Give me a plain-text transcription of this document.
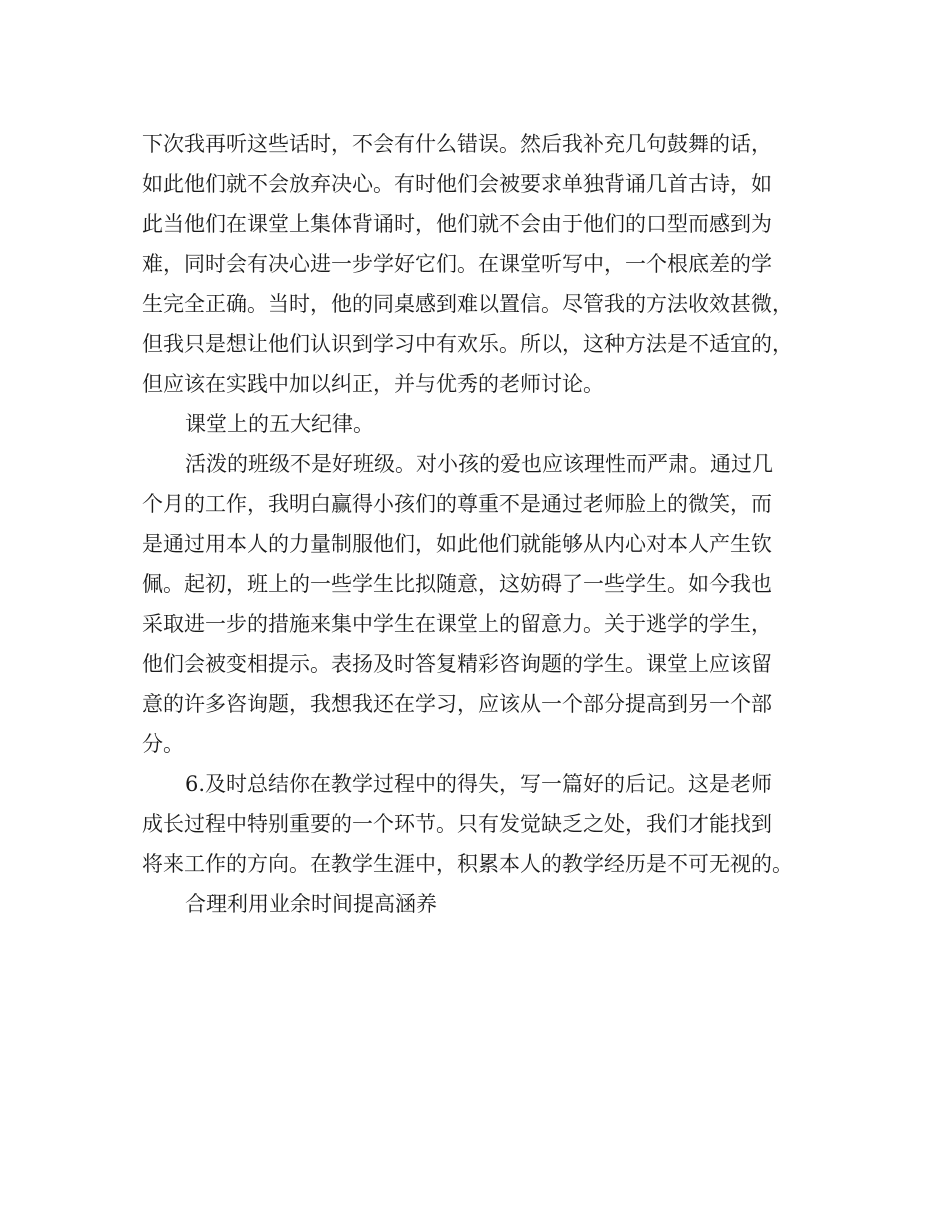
下次我再听这些话时，不会有什么错误。然后我补充几句鼓舞的话，
如此他们就不会放弃决心。有时他们会被要求单独背诵几首古诗，如
此当他们在课堂上集体背诵时，他们就不会由于他们的口型而感到为
难，同时会有决心进一步学好它们。在课堂听写中，一个根底差的学
生完全正确。当时，他的同桌感到难以置信。尽管我的方法收效甚微，
但我只是想让他们认识到学习中有欢乐。所以，这种方法是不适宜的，
但应该在实践中加以纠正，并与优秀的老师讨论。
课堂上的五大纪律。
活泼的班级不是好班级。对小孩的爱也应该理性而严肃。通过几
个月的工作，我明白赢得小孩们的尊重不是通过老师脸上的微笑，而
是通过用本人的力量制服他们，如此他们就能够从内心对本人产生钦
佩。起初，班上的一些学生比拟随意，这妨碍了一些学生。如今我也
采取进一步的措施来集中学生在课堂上的留意力。关于逃学的学生，
他们会被变相提示。表扬及时答复精彩咨询题的学生。课堂上应该留
意的许多咨询题，我想我还在学习，应该从一个部分提高到另一个部
分。
6.及时总结你在教学过程中的得失，写一篇好的后记。这是老师
成长过程中特别重要的一个环节。只有发觉缺乏之处，我们才能找到
将来工作的方向。在教学生涯中，积累本人的教学经历是不可无视的。
合理利用业余时间提高涵养
